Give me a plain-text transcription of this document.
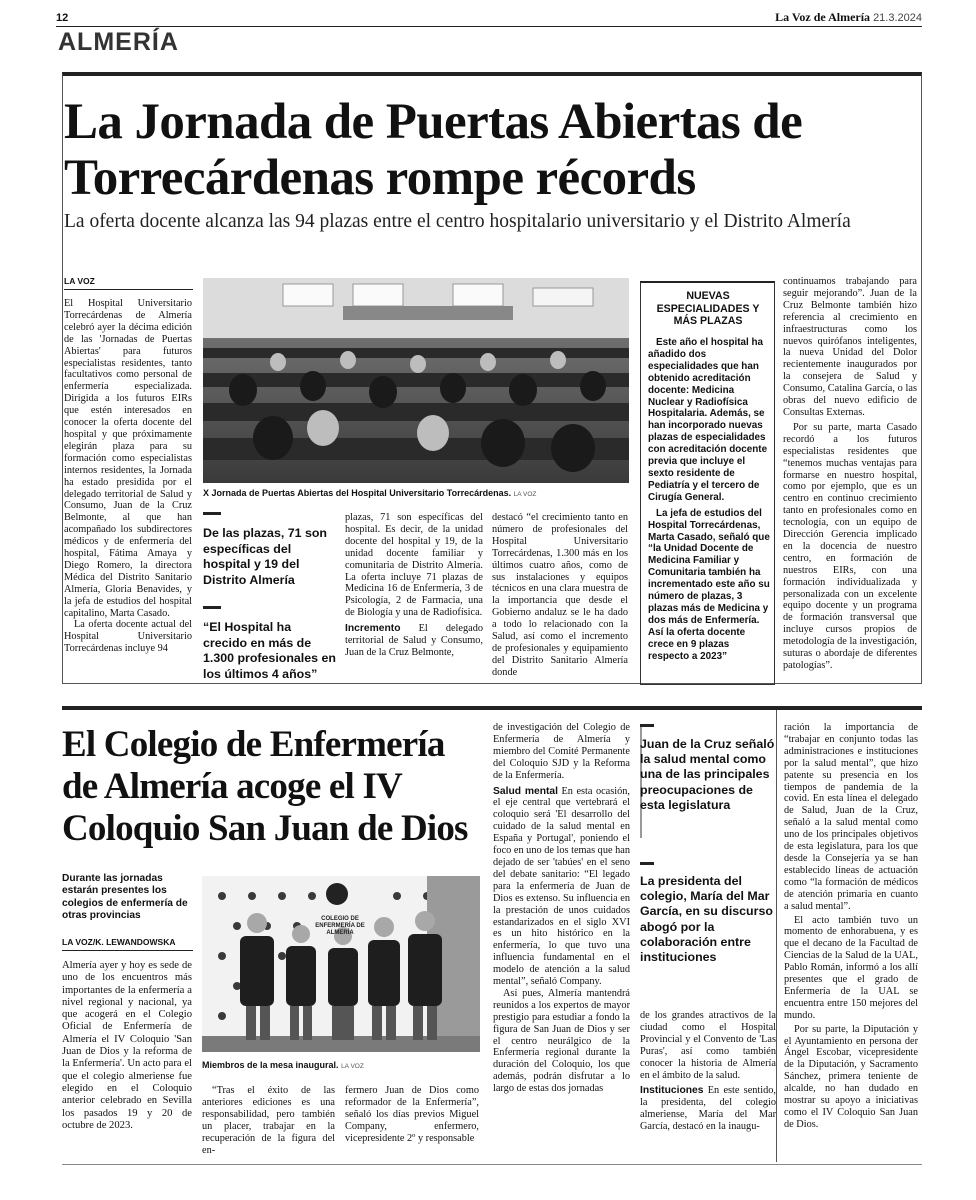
12	La Voz de Almería 21.3.2024
ALMERÍA
La Jornada de Puertas Abiertas de
Torrecárdenas rompe récords
La oferta docente alcanza las 94 plazas entre el centro hospitalario universitario y el Distrito Almería
LA VOZ

El Hospital Universitario Torrecárdenas de Almería celebró ayer la décima edición de las 'Jornadas de Puertas Abiertas' para futuros especialistas residentes, tanto facultativos como personal de enfermería especializada. Dirigida a los futuros EIRs que estén interesados en conocer la oferta docente del hospital y que próximamente elegirán plaza para su formación como especialistas internos residentes, la Jornada ha estado presidida por el delegado territorial de Salud y Consumo, Juan de la Cruz Belmonte, al que han acompañado los subdirectores médicos y de enfermería del hospital, Fátima Amaya y Diego Romero, la directora Médica del Distrito Sanitario Almería, Gloria Benavides, y la jefa de estudios del hospital capitalino, Marta Casado.

La oferta docente actual del Hospital Universitario Torrecárdenas incluye 94

X Jornada de Puertas Abiertas del Hospital Universitario Torrecárdenas. LA VOZ
De las plazas, 71 son específicas del hospital y 19 del Distrito Almería
“El Hospital ha crecido en más de 1.300 profesionales en los últimos 4 años”

plazas, 71 son específicas del hospital. Es decir, de la unidad docente del hospital y 19, de la unidad docente familiar y comunitaria de Distrito Almería. La oferta incluye 71 plazas de Medicina 16 de Enfermería, 3 de Psicología, 2 de Farmacia, una de Biología y una de Radiofísica.

Incremento El delegado territorial de Salud y Consumo, Juan de la Cruz Belmonte,

destacó “el crecimiento tanto en número de profesionales del Hospital Universitario Torrecárdenas, 1.300 más en los últimos cuatro años, como de sus instalaciones y equipos técnicos en una clara muestra de la importancia que desde el Gobierno andaluz se le ha dado a todo lo relacionado con la Salud, así como el incremento de profesionales y equipamiento del Distrito Sanitario Almería donde

NUEVAS ESPECIALIDADES Y MÁS PLAZAS

Este año el hospital ha añadido dos especialidades que han obtenido acreditación docente: Medicina Nuclear y Radiofísica Hospitalaria. Además, se han incorporado nuevas plazas de especialidades con acreditación docente previa que incluye el sexto residente de Pediatría y el tercero de Cirugía General.

La jefa de estudios del Hospital Torrecárdenas, Marta Casado, señaló que “la Unidad Docente de Medicina Familiar y Comunitaria también ha incrementado este año su número de plazas, 3 plazas más de Medicina y dos más de Enfermería. Así la oferta docente crece en 9 plazas respecto a 2023”

continuamos trabajando para seguir mejorando”. Juan de la Cruz Belmonte también hizo referencia al crecimiento en infraestructuras como los nuevos quirófanos inteligentes, la nueva Unidad del Dolor recientemente inaugurados por la consejera de Salud y Consumo, Catalina García, o las obras del nuevo edificio de Consultas Externas.

Por su parte, marta Casado recordó a los futuros especialistas residentes que “tenemos muchas ventajas para formarse en nuestro hospital, como por ejemplo, que es un centro en continuo crecimiento tanto en profesionales como en tecnología, con un equipo de Dirección Gerencia implicado en la docencia de nuestro centro, en formación de nuestros EIRs, con una formación individualizada y personalizada con un excelente equipo docente y un programa de formación transversal que incluye cursos propios de metodología de la investigación, suturas o abordaje de diferentes patologías”.

El Colegio de Enfermería
de Almería acoge el IV
Coloquio San Juan de Dios
Durante las jornadas estarán presentes los colegios de enfermería de otras provincias
LA VOZ/K. LEWANDOWSKA

Almería ayer y hoy es sede de uno de los encuentros más importantes de la enfermería a nivel regional y nacional, ya que acogerá en el Colegio Oficial de Enfermería de Almería el IV Coloquio 'San Juan de Dios y la reforma de la Enfermería'. Un acto para el que el colegio almeriense fue elegido en el Coloquio anterior celebrado en Sevilla los pasados 19 y 20 de octubre de 2023.

COLEGIO DE ENFERMERÍA DE ALMERÍA
Miembros de la mesa inaugural. LA VOZ

“Tras el éxito de las anteriores ediciones es una responsabilidad, pero también un placer, trabajar en la recuperación de la figura del en-

fermero Juan de Dios como reformador de la Enfermería”, señaló los días previos Miguel Company, enfermero, vicepresidente 2º y responsable

de investigación del Colegio de Enfermería de Almería y miembro del Comité Permanente del Coloquio SJD y la Reforma de la Enfermería.

Salud mental En esta ocasión, el eje central que vertebrará el coloquio será 'El desarrollo del cuidado de la salud mental en España y Portugal', poniendo el foco en uno de los temas que han dejado de ser 'tabúes' en el seno del debate sanitario: “El legado para la enfermería de Juan de Dios es extenso. Su influencia en la prestación de unos cuidados estandarizados en el siglo XVI es un hito histórico en la enfermería, lo que tuvo una influencia fundamental en el modelo de atención a la salud mental”, señaló Company.

Así pues, Almería mantendrá reunidos a los expertos de mayor prestigio para estudiar a fondo la figura de San Juan de Dios y ser el centro neurálgico de la Enfermería regional durante la duración del Coloquio, los que además, podrán disfrutar a lo largo de estas dos jornadas

Juan de la Cruz señaló la salud mental como una de las principales preocupaciones de esta legislatura
La presidenta del colegio, María del Mar García, en su discurso abogó por la colaboración entre instituciones

de los grandes atractivos de la ciudad como el Hospital Provincial y el Convento de 'Las Puras', así como también conocer la historia de Almería en el ámbito de la salud.

Instituciones En este sentido, la presidenta, del colegio almeriense, María del Mar García, destacó en la inaugu-

ración la importancia de “trabajar en conjunto todas las administraciones e instituciones por la salud mental”, que hizo patente su presencia en los tiempos de pandemia de la covid. En esta línea el delegado de Salud, Juan de la Cruz, señaló a la salud mental como uno de los principales objetivos de esta legislatura, para los que desde la Consejería ya se han establecido líneas de actuación como “la formación de médicos de atención primaria en cuanto a salud mental”.

El acto también tuvo un momento de enhorabuena, y es que el decano de la Facultad de Ciencias de la Salud de la UAL, Pablo Román, informó a los allí presentes que el grado de Enfermería de la UAL se encuentra entre 150 mejores del mundo.

Por su parte, la Diputación y el Ayuntamiento en persona der Ángel Escobar, vicepresidente de la Diputación, y Sacramento Sánchez, primera teniente de alcalde, no han dudado en mostrar su apoyo a iniciativas como el IV Coloquio San Juan de Dios.
